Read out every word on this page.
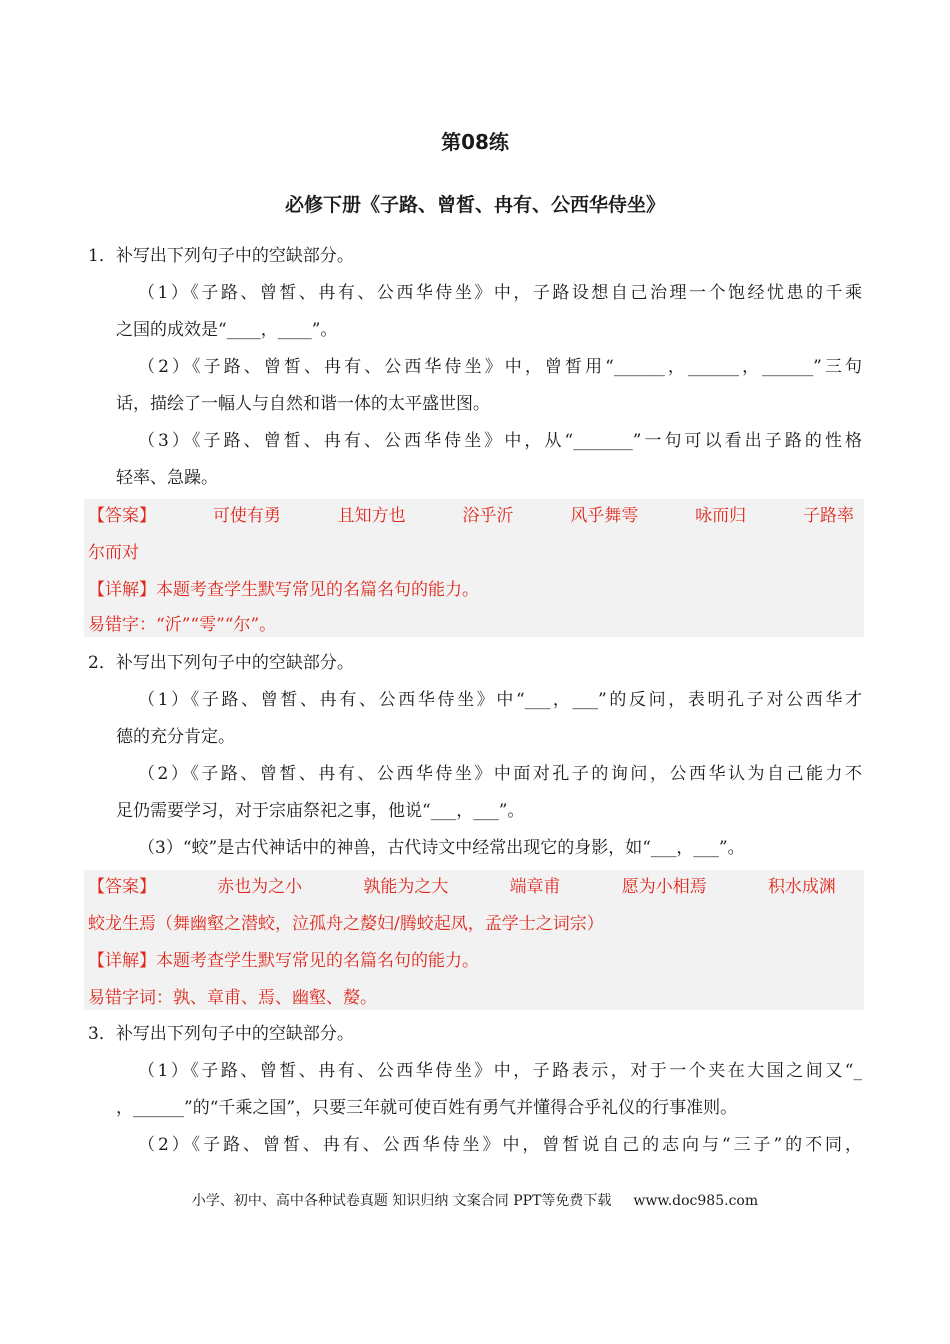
第08练
必修下册《子路、曾皙、冉有、公西华侍坐》
1．补写出下列句子中的空缺部分。
（1）《子路、曾皙、冉有、公西华侍坐》中，子路设想自己治理一个饱经忧患的千乘
之国的成效是“____，____”。
（2）《子路、曾皙、冉有、公西华侍坐》中，曾皙用“______，______，______”三句
话，描绘了一幅人与自然和谐一体的太平盛世图。
（3）《子路、曾皙、冉有、公西华侍坐》中，从“_______”一句可以看出子路的性格
轻率、急躁。
【答案】	可使有勇	且知方也	浴乎沂	风乎舞雩	咏而归	子路率
尔而对
【详解】本题考查学生默写常见的名篇名句的能力。
易错字：“沂”“雩”“尔”。
2．补写出下列句子中的空缺部分。
（1）《子路、曾皙、冉有、公西华侍坐》中“___，___”的反问，表明孔子对公西华才
德的充分肯定。
（2）《子路、曾皙、冉有、公西华侍坐》中面对孔子的询问，公西华认为自己能力不
足仍需要学习，对于宗庙祭祀之事，他说“___，___”。
（3）“蛟”是古代神话中的神兽，古代诗文中经常出现它的身影，如“___，___”。
【答案】	赤也为之小	孰能为之大	端章甫	愿为小相焉	积水成渊
蛟龙生焉（舞幽壑之潜蛟，泣孤舟之嫠妇/腾蛟起凤，孟学士之词宗）
【详解】本题考查学生默写常见的名篇名句的能力。
易错字词：孰、章甫、焉、幽壑、嫠。
3．补写出下列句子中的空缺部分。
（1）《子路、曾皙、冉有、公西华侍坐》中，子路表示，对于一个夹在大国之间又“_
，______”的“千乘之国”，只要三年就可使百姓有勇气并懂得合乎礼仪的行事准则。
（2）《子路、曾皙、冉有、公西华侍坐》中，曾皙说自己的志向与“三子”的不同，
小学、初中、高中各种试卷真题 知识归纳 文案合同 PPT等免费下载 www.doc985.com
